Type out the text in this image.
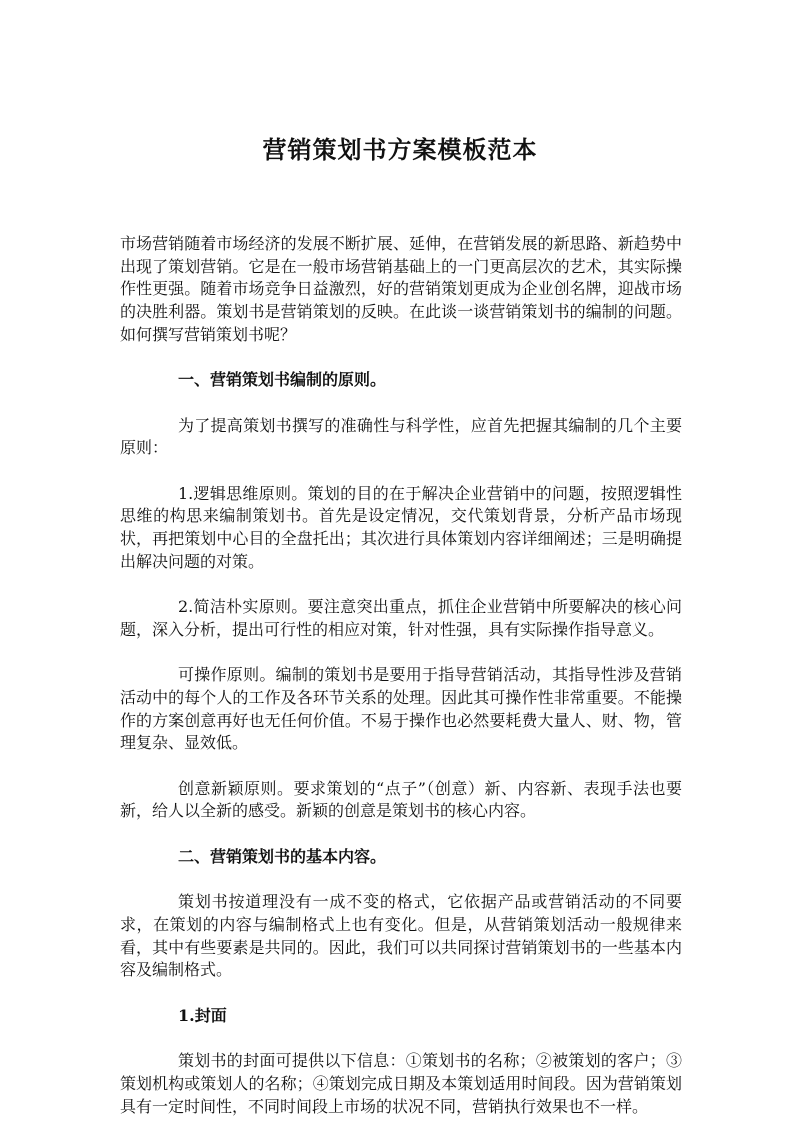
营销策划书方案模板范本

市场营销随着市场经济的发展不断扩展、延伸，在营销发展的新思路、新趋势中出现了策划营销。它是在一般市场营销基础上的一门更高层次的艺术，其实际操作性更强。随着市场竞争日益激烈，好的营销策划更成为企业创名牌，迎战市场的决胜利器。策划书是营销策划的反映。在此谈一谈营销策划书的编制的问题。如何撰写营销策划书呢？

一、营销策划书编制的原则。

为了提高策划书撰写的准确性与科学性，应首先把握其编制的几个主要原则：

1.逻辑思维原则。策划的目的在于解决企业营销中的问题，按照逻辑性思维的构思来编制策划书。首先是设定情况，交代策划背景，分析产品市场现状，再把策划中心目的全盘托出；其次进行具体策划内容详细阐述；三是明确提出解决问题的对策。

2.简洁朴实原则。要注意突出重点，抓住企业营销中所要解决的核心问题，深入分析，提出可行性的相应对策，针对性强，具有实际操作指导意义。

可操作原则。编制的策划书是要用于指导营销活动，其指导性涉及营销活动中的每个人的工作及各环节关系的处理。因此其可操作性非常重要。不能操作的方案创意再好也无任何价值。不易于操作也必然要耗费大量人、财、物，管理复杂、显效低。

创意新颖原则。要求策划的“点子”（创意）新、内容新、表现手法也要新，给人以全新的感受。新颖的创意是策划书的核心内容。

二、营销策划书的基本内容。

策划书按道理没有一成不变的格式，它依据产品或营销活动的不同要求，在策划的内容与编制格式上也有变化。但是，从营销策划活动一般规律来看，其中有些要素是共同的。因此，我们可以共同探讨营销策划书的一些基本内容及编制格式。

1.封面

策划书的封面可提供以下信息：①策划书的名称；②被策划的客户；③策划机构或策划人的名称；④策划完成日期及本策划适用时间段。因为营销策划具有一定时间性，不同时间段上市场的状况不同，营销执行效果也不一样。
